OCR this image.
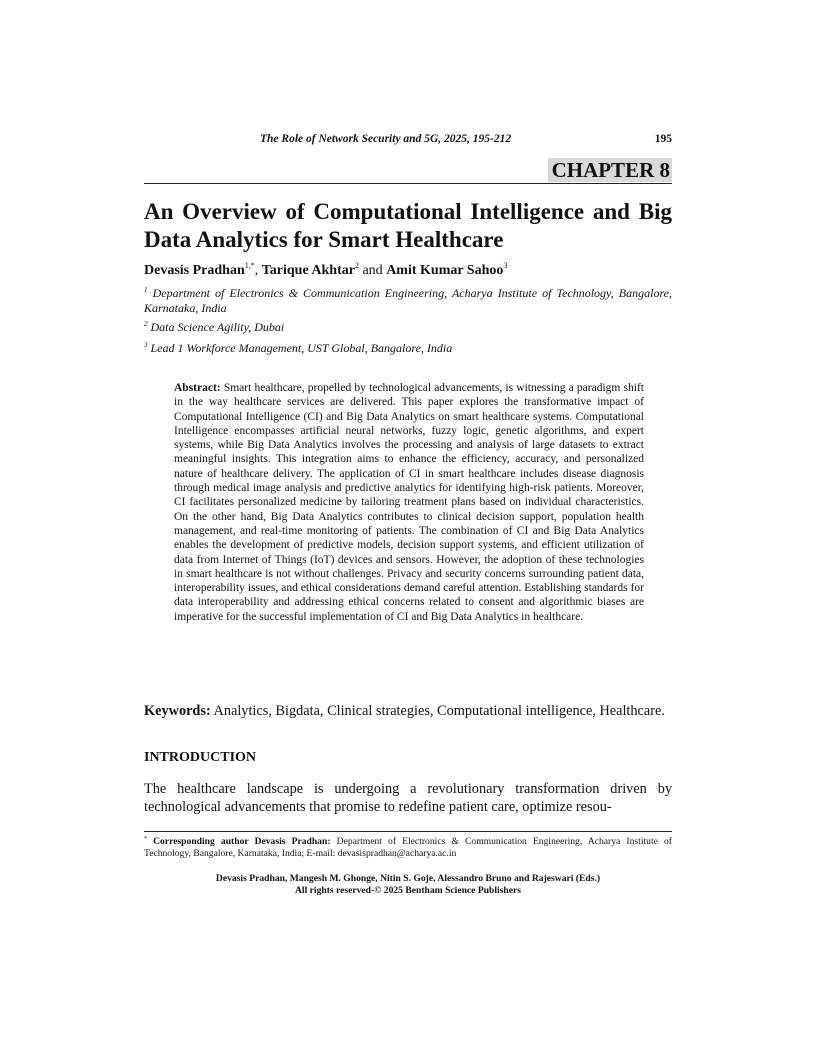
The Role of Network Security and 5G, 2025, 195-212	195
CHAPTER 8
An Overview of Computational Intelligence and Big Data Analytics for Smart Healthcare
Devasis Pradhan$^{1,*}$, Tarique Akhtar$^2$ and Amit Kumar Sahoo$^3$
$^1$ Department of Electronics & Communication Engineering, Acharya Institute of Technology, Bangalore, Karnataka, India
$^2$ Data Science Agility, Dubai
$^3$ Lead 1 Workforce Management, UST Global, Bangalore, India

Abstract: Smart healthcare, propelled by technological advancements, is witnessing a paradigm shift in the way healthcare services are delivered. This paper explores the transformative impact of Computational Intelligence (CI) and Big Data Analytics on smart healthcare systems. Computational Intelligence encompasses artificial neural networks, fuzzy logic, genetic algorithms, and expert systems, while Big Data Analytics involves the processing and analysis of large datasets to extract meaningful insights. This integration aims to enhance the efficiency, accuracy, and personalized nature of healthcare delivery. The application of CI in smart healthcare includes disease diagnosis through medical image analysis and predictive analytics for identifying high-risk patients. Moreover, CI facilitates personalized medicine by tailoring treatment plans based on individual characteristics. On the other hand, Big Data Analytics contributes to clinical decision support, population health management, and real-time monitoring of patients. The combination of CI and Big Data Analytics enables the development of predictive models, decision support systems, and efficient utilization of data from Internet of Things (IoT) devices and sensors. However, the adoption of these technologies in smart healthcare is not without challenges. Privacy and security concerns surrounding patient data, interoperability issues, and ethical considerations demand careful attention. Establishing standards for data interoperability and addressing ethical concerns related to consent and algorithmic biases are imperative for the successful implementation of CI and Big Data Analytics in healthcare.

Keywords: Analytics, Bigdata, Clinical strategies, Computational intelligence, Healthcare.

INTRODUCTION

The healthcare landscape is undergoing a revolutionary transformation driven by technological advancements that promise to redefine patient care, optimize resou-

* Corresponding author Devasis Pradhan: Department of Electronics & Communication Engineering, Acharya Institute of Technology, Bangalore, Karnataka, India; E-mail: devasispradhan@acharya.ac.in

Devasis Pradhan, Mangesh M. Ghonge, Nitin S. Goje, Alessandro Bruno and Rajeswari (Eds.)
All rights reserved-© 2025 Bentham Science Publishers
